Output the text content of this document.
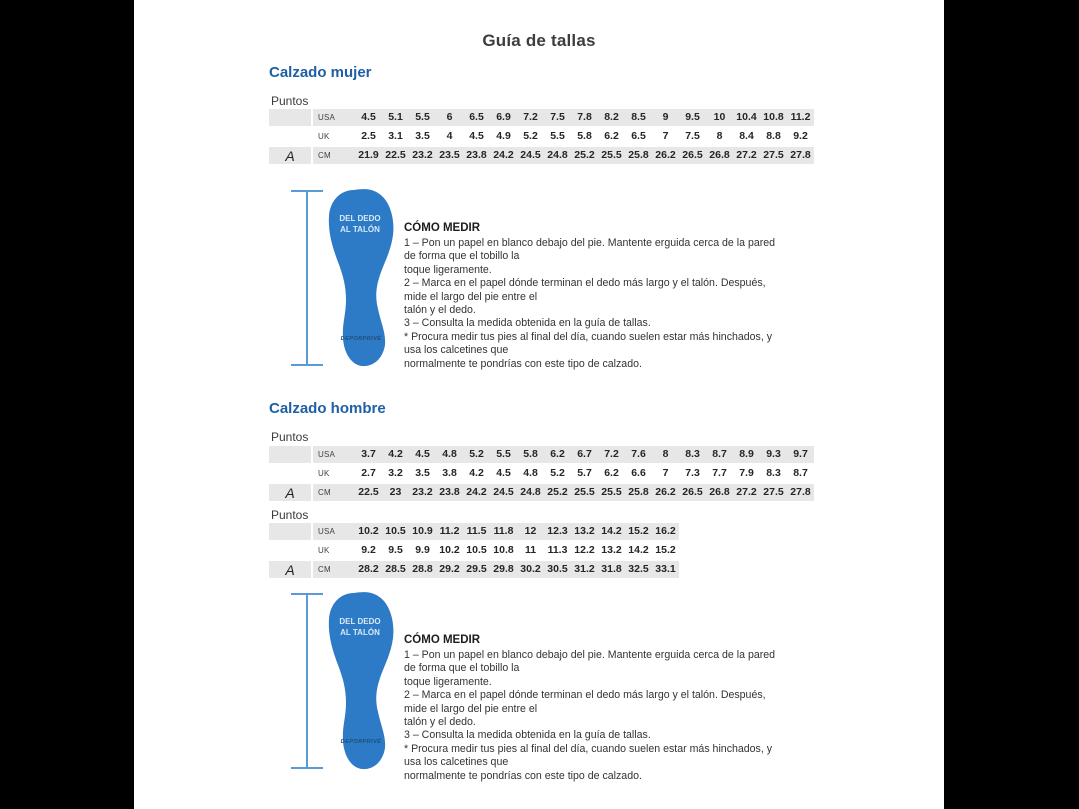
Guía de tallas
Calzado mujer
Puntos
USA	4.5	5.1	5.5	6	6.5	6.9	7.2	7.5	7.8	8.2	8.5	9	9.5	10	10.4 10.8 11.2
UK	2.5	3.1	3.5	4	4.5	4.9	5.2	5.5	5.8	6.2	6.5	7	7.5	8	8.4	8.8	9.2
A	CM	21.9 22.5 23.2 23.5 23.8 24.2 24.5 24.8 25.2 25.5 25.8 26.2 26.5 26.8 27.2 27.5 27.8
DEL DEDO
AL TALÓN
DEPORPRIVÉ
CÓMO MEDIR
1 – Pon un papel en blanco debajo del pie. Mantente erguida cerca de la pared de forma que el tobillo la
toque ligeramente.
2 – Marca en el papel dónde terminan el dedo más largo y el talón. Después, mide el largo del pie entre el
talón y el dedo.
3 – Consulta la medida obtenida en la guía de tallas.
* Procura medir tus pies al final del día, cuando suelen estar más hinchados, y usa los calcetines que
normalmente te pondrías con este tipo de calzado.
Calzado hombre
Puntos
USA	3.7	4.2	4.5	4.8	5.2	5.5	5.8	6.2	6.7	7.2	7.6	8	8.3	8.7	8.9	9.3	9.7
UK	2.7	3.2	3.5	3.8	4.2	4.5	4.8	5.2	5.7	6.2	6.6	7	7.3	7.7	7.9	8.3	8.7
A	CM	22.5	23	23.2 23.8 24.2 24.5 24.8 25.2 25.5 25.5 25.8 26.2 26.5 26.8 27.2 27.5 27.8
Puntos
USA	10.2 10.5 10.9 11.2 11.5 11.8	12	12.3 13.2 14.2 15.2 16.2
UK	9.2	9.5	9.9 10.2 10.5 10.8	11	11.3 12.2 13.2 14.2 15.2
A	CM	28.2 28.5 28.8 29.2 29.5 29.8 30.2 30.5 31.2 31.8 32.5 33.1
DEL DEDO
AL TALÓN
DEPORPRIVÉ
CÓMO MEDIR
1 – Pon un papel en blanco debajo del pie. Mantente erguida cerca de la pared de forma que el tobillo la
toque ligeramente.
2 – Marca en el papel dónde terminan el dedo más largo y el talón. Después, mide el largo del pie entre el
talón y el dedo.
3 – Consulta la medida obtenida en la guía de tallas.
* Procura medir tus pies al final del día, cuando suelen estar más hinchados, y usa los calcetines que
normalmente te pondrías con este tipo de calzado.
